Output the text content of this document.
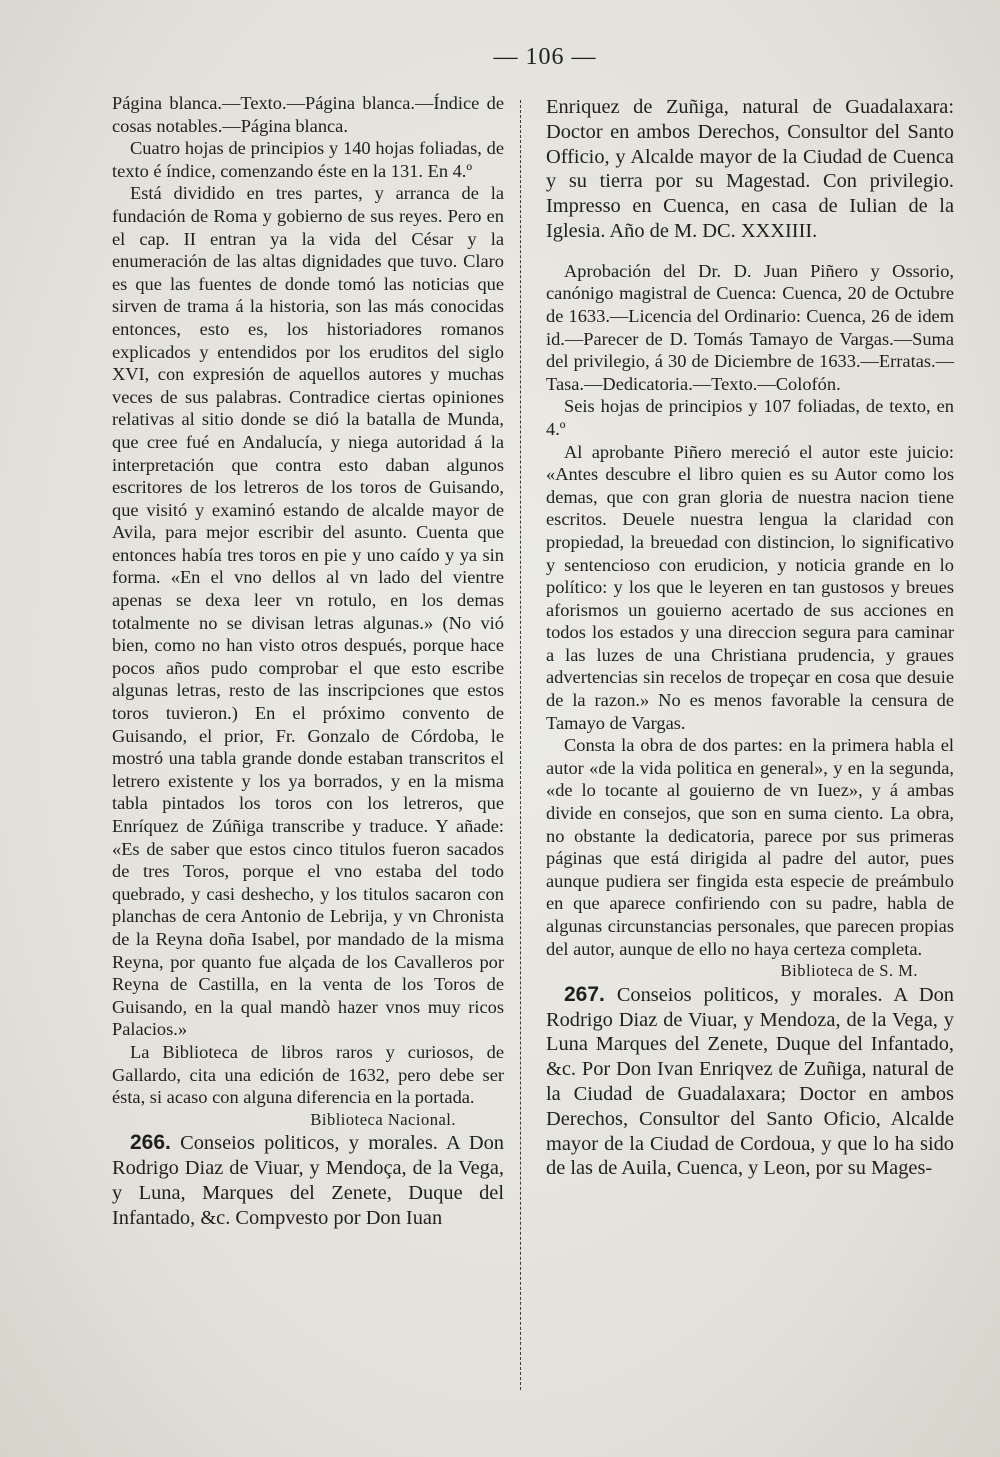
— 106 —

Página blanca.—Texto.—Página blanca.—Índice de cosas notables.—Página blanca.

Cuatro hojas de principios y 140 hojas foliadas, de texto é índice, comenzando éste en la 131. En 4.º

Está dividido en tres partes, y arranca de la fundación de Roma y gobierno de sus reyes. Pero en el cap. II entran ya la vida del César y la enumeración de las altas dignidades que tuvo. Claro es que las fuentes de donde tomó las noticias que sirven de trama á la historia, son las más conocidas entonces, esto es, los historiadores romanos explicados y entendidos por los eruditos del siglo XVI, con expresión de aquellos autores y muchas veces de sus palabras. Contradice ciertas opiniones relativas al sitio donde se dió la batalla de Munda, que cree fué en Andalucía, y niega autoridad á la interpretación que contra esto daban algunos escritores de los letreros de los toros de Guisando, que visitó y examinó estando de alcalde mayor de Avila, para mejor escribir del asunto. Cuenta que entonces había tres toros en pie y uno caído y ya sin forma. «En el vno dellos al vn lado del vientre apenas se dexa leer vn rotulo, en los demas totalmente no se divisan letras algunas.» (No vió bien, como no han visto otros después, porque hace pocos años pudo comprobar el que esto escribe algunas letras, resto de las inscripciones que estos toros tuvieron.) En el próximo convento de Guisando, el prior, Fr. Gonzalo de Córdoba, le mostró una tabla grande donde estaban transcritos el letrero existente y los ya borrados, y en la misma tabla pintados los toros con los letreros, que Enríquez de Zúñiga transcribe y traduce. Y añade: «Es de saber que estos cinco titulos fueron sacados de tres Toros, porque el vno estaba del todo quebrado, y casi deshecho, y los titulos sacaron con planchas de cera Antonio de Lebrija, y vn Chronista de la Reyna doña Isabel, por mandado de la misma Reyna, por quanto fue alçada de los Cavalleros por Reyna de Castilla, en la venta de los Toros de Guisando, en la qual mandò hazer vnos muy ricos Palacios.»

La Biblioteca de libros raros y curiosos, de Gallardo, cita una edición de 1632, pero debe ser ésta, si acaso con alguna diferencia en la portada.

Biblioteca Nacional.

266. Conseios politicos, y morales. A Don Rodrigo Diaz de Viuar, y Mendoça, de la Vega, y Luna, Marques del Zenete, Duque del Infantado, &c. Compvesto por Don Iuan

Enriquez de Zuñiga, natural de Guadalaxara: Doctor en ambos Derechos, Consultor del Santo Officio, y Alcalde mayor de la Ciudad de Cuenca y su tierra por su Magestad. Con privilegio. Impresso en Cuenca, en casa de Iulian de la Iglesia. Año de M. DC. XXXIIII.

Aprobación del Dr. D. Juan Piñero y Ossorio, canónigo magistral de Cuenca: Cuenca, 20 de Octubre de 1633.—Licencia del Ordinario: Cuenca, 26 de idem id.—Parecer de D. Tomás Tamayo de Vargas.—Suma del privilegio, á 30 de Diciembre de 1633.—Erratas.—Tasa.—Dedicatoria.—Texto.—Colofón.

Seis hojas de principios y 107 foliadas, de texto, en 4.º

Al aprobante Piñero mereció el autor este juicio: «Antes descubre el libro quien es su Autor como los demas, que con gran gloria de nuestra nacion tiene escritos. Deuele nuestra lengua la claridad con propiedad, la breuedad con distincion, lo significativo y sentencioso con erudicion, y noticia grande en lo político: y los que le leyeren en tan gustosos y breues aforismos un gouierno acertado de sus acciones en todos los estados y una direccion segura para caminar a las luzes de una Christiana prudencia, y graues advertencias sin recelos de tropeçar en cosa que desuie de la razon.» No es menos favorable la censura de Tamayo de Vargas.

Consta la obra de dos partes: en la primera habla el autor «de la vida politica en general», y en la segunda, «de lo tocante al gouierno de vn Iuez», y á ambas divide en consejos, que son en suma ciento. La obra, no obstante la dedicatoria, parece por sus primeras páginas que está dirigida al padre del autor, pues aunque pudiera ser fingida esta especie de preámbulo en que aparece confiriendo con su padre, habla de algunas circunstancias personales, que parecen propias del autor, aunque de ello no haya certeza completa.

Biblioteca de S. M.

267. Conseios politicos, y morales. A Don Rodrigo Diaz de Viuar, y Mendoza, de la Vega, y Luna Marques del Zenete, Duque del Infantado, &c. Por Don Ivan Enriqvez de Zuñiga, natural de la Ciudad de Guadalaxara; Doctor en ambos Derechos, Consultor del Santo Oficio, Alcalde mayor de la Ciudad de Cordoua, y que lo ha sido de las de Auila, Cuenca, y Leon, por su Mages-
